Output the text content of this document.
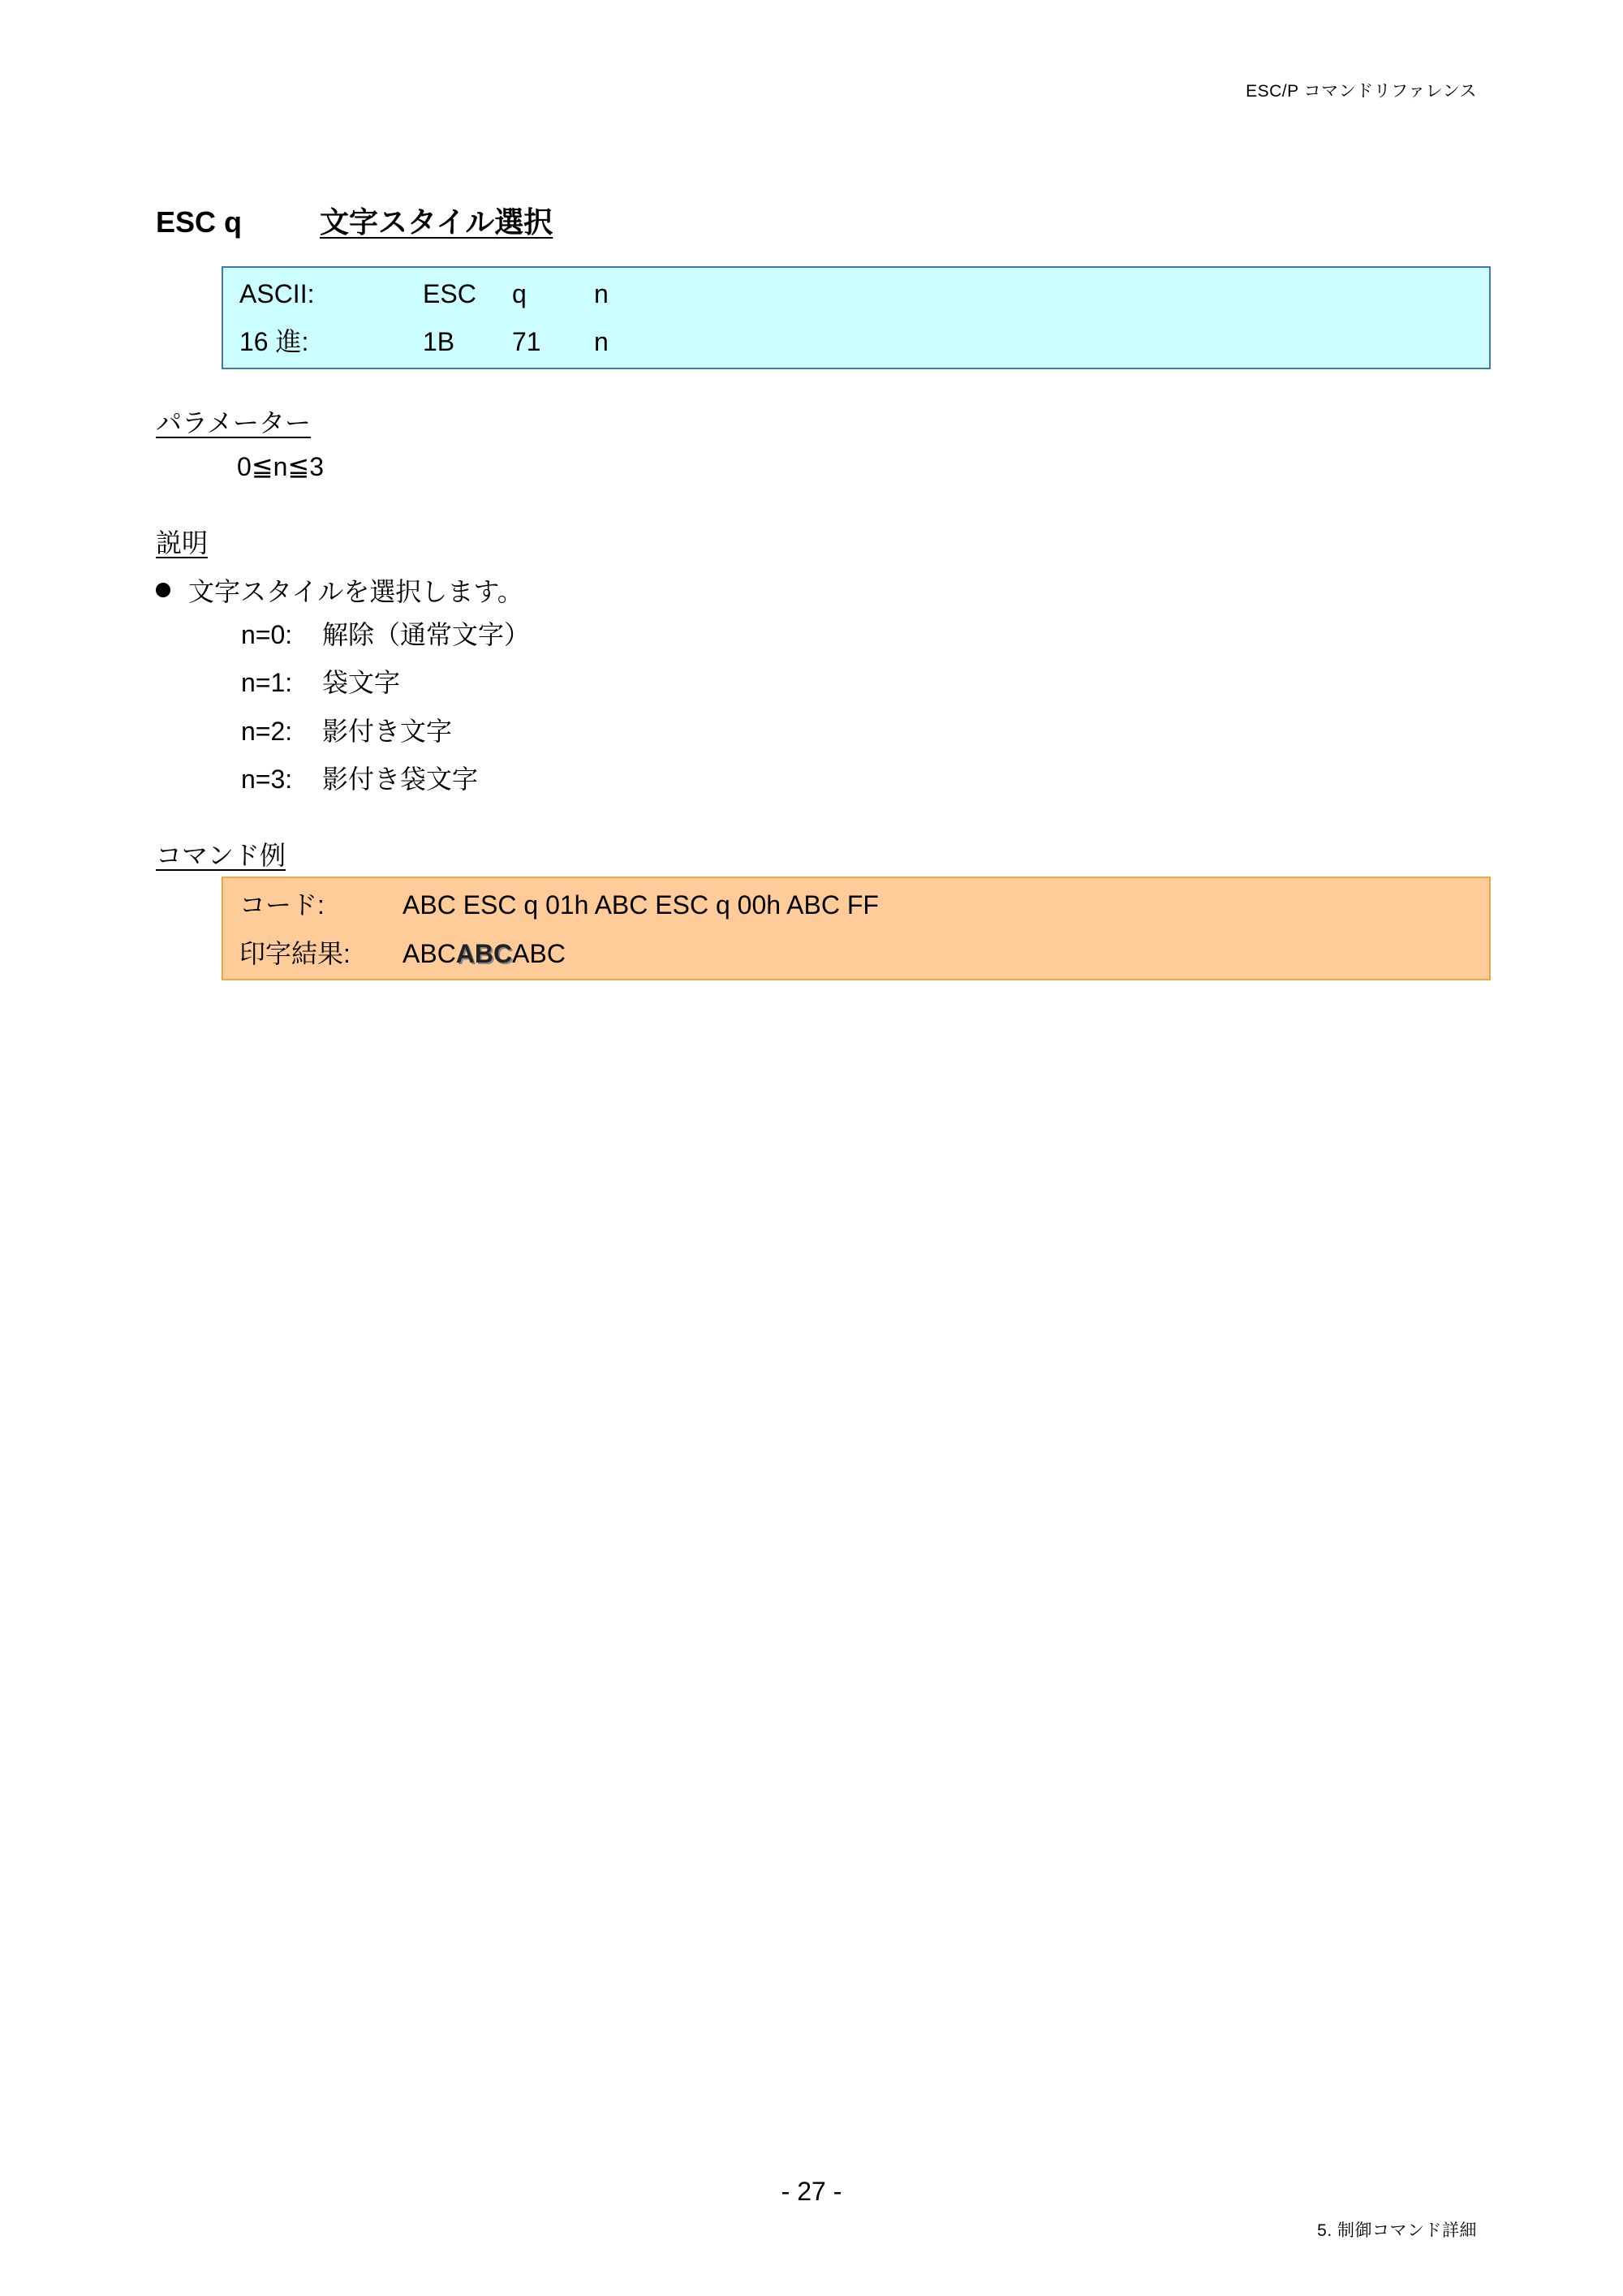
ESC/P コマンドリファレンス
ESC q	文字スタイル選択
ASCII:	ESC q	n
16 進:	1B 71 n
パラメーター
0≦n≦3
説明
文字スタイルを選択します。
n=0: 解除（通常文字）
n=1: 袋文字
n=2: 影付き文字
n=3: 影付き袋文字
コマンド例
コード:	ABC ESC q 01h ABC ESC q 00h ABC FF
印字結果: ABCABCABC
- 27 -
5. 制御コマンド詳細
